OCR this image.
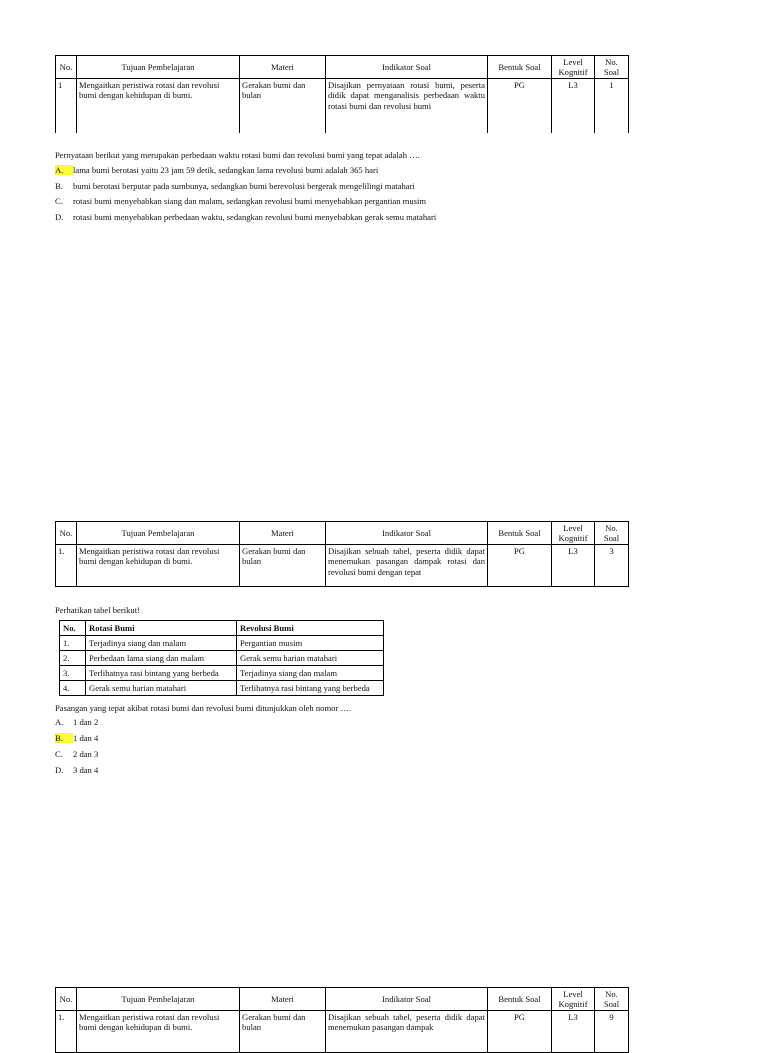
No.	Tujuan Pembelajaran	Materi	Indikator Soal	Bentuk Soal	Level Kognitif	No. Soal
1	Mengaitkan peristiwa rotasi dan revolusi bumi dengan kehidupan di bumi.	Gerakan bumi dan bulan	Disajikan pernyataan rotasi bumi, peserta didik dapat menganalisis perbedaan waktu rotasi bumi dan revolusi bumi	PG	L3	1
Pernyataan berikut yang merupakan perbedaan waktu rotasi bumi dan revolusi bumi yang tepat adalah ….
A. lama bumi berotasi yaitu 23 jam 59 detik, sedangkan lama revolusi bumi adalah 365 hari
B. bumi berotasi berputar pada sumbunya, sedangkan bumi berevolusi bergerak mengelilingi matahari
C. rotasi bumi menyebabkan siang dan malam, sedangkan revolusi bumi menyebabkan pergantian musim
D. rotasi bumi menyebabkan perbedaan waktu, sedangkan revolusi bumi menyebabkan gerak semu matahari
No.	Tujuan Pembelajaran	Materi	Indikator Soal	Bentuk Soal	Level Kognitif	No. Soal
1.	Mengaitkan peristiwa rotasi dan revolusi bumi dengan kehidupan di bumi.	Gerakan bumi dan bulan	Disajikan sebuah tabel, peserta didik dapat menemukan pasangan dampak rotasi dan revolusi bumi dengan tepat	PG	L3	3
Perhatikan tabel berikut!
No.	Rotasi Bumi	Revolusi Bumi
1.	Terjadinya siang dan malam	Pergantian musim
2.	Perbedaan lama siang dan malam	Gerak semu harian matahari
3.	Terlihatnya rasi bintang yang berbeda	Terjadinya siang dan malam
4.	Gerak semu harian matahari	Terlihatnya rasi bintang yang berbeda
Pasangan yang tepat akibat rotasi bumi dan revolusi bumi ditunjukkan oleh nomor ….
A. 1 dan 2
B. 1 dan 4
C. 2 dan 3
D. 3 dan 4
No.	Tujuan Pembelajaran	Materi	Indikator Soal	Bentuk Soal	Level Kognitif	No. Soal
1.	Mengaitkan peristiwa rotasi dan revolusi bumi dengan kehidupan di bumi.	Gerakan bumi dan bulan	Disajikan sebuah tabel, peserta didik dapat menemukan pasangan dampak	PG	L3	9
